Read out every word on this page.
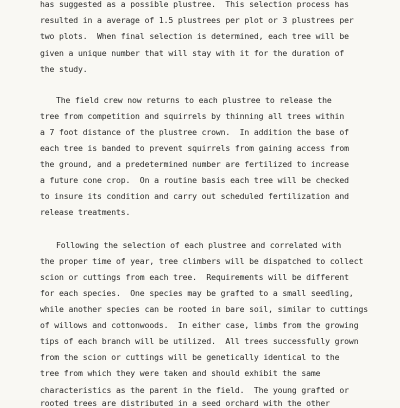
has suggested as a possible plustree.  This selection process has

resulted in a average of 1.5 plustrees per plot or 3 plustrees per

two plots.  When final selection is determined, each tree will be

given a unique number that will stay with it for the duration of

the study.

The field crew now returns to each plustree to release the

tree from competition and squirrels by thinning all trees within

a 7 foot distance of the plustree crown.  In addition the base of

each tree is banded to prevent squirrels from gaining access from

the ground, and a predetermined number are fertilized to increase

a future cone crop.  On a routine basis each tree will be checked

to insure its condition and carry out scheduled fertilization and

release treatments.

Following the selection of each plustree and correlated with

the proper time of year, tree climbers will be dispatched to collect

scion or cuttings from each tree.  Requirements will be different

for each species.  One species may be grafted to a small seedling,

while another species can be rooted in bare soil, similar to cuttings

of willows and cottonwoods.  In either case, limbs from the growing

tips of each branch will be utilized.  All trees successfully grown

from the scion or cuttings will be genetically identical to the

tree from which they were taken and should exhibit the same

characteristics as the parent in the field.  The young grafted or

rooted trees are distributed in a seed orchard with the other
